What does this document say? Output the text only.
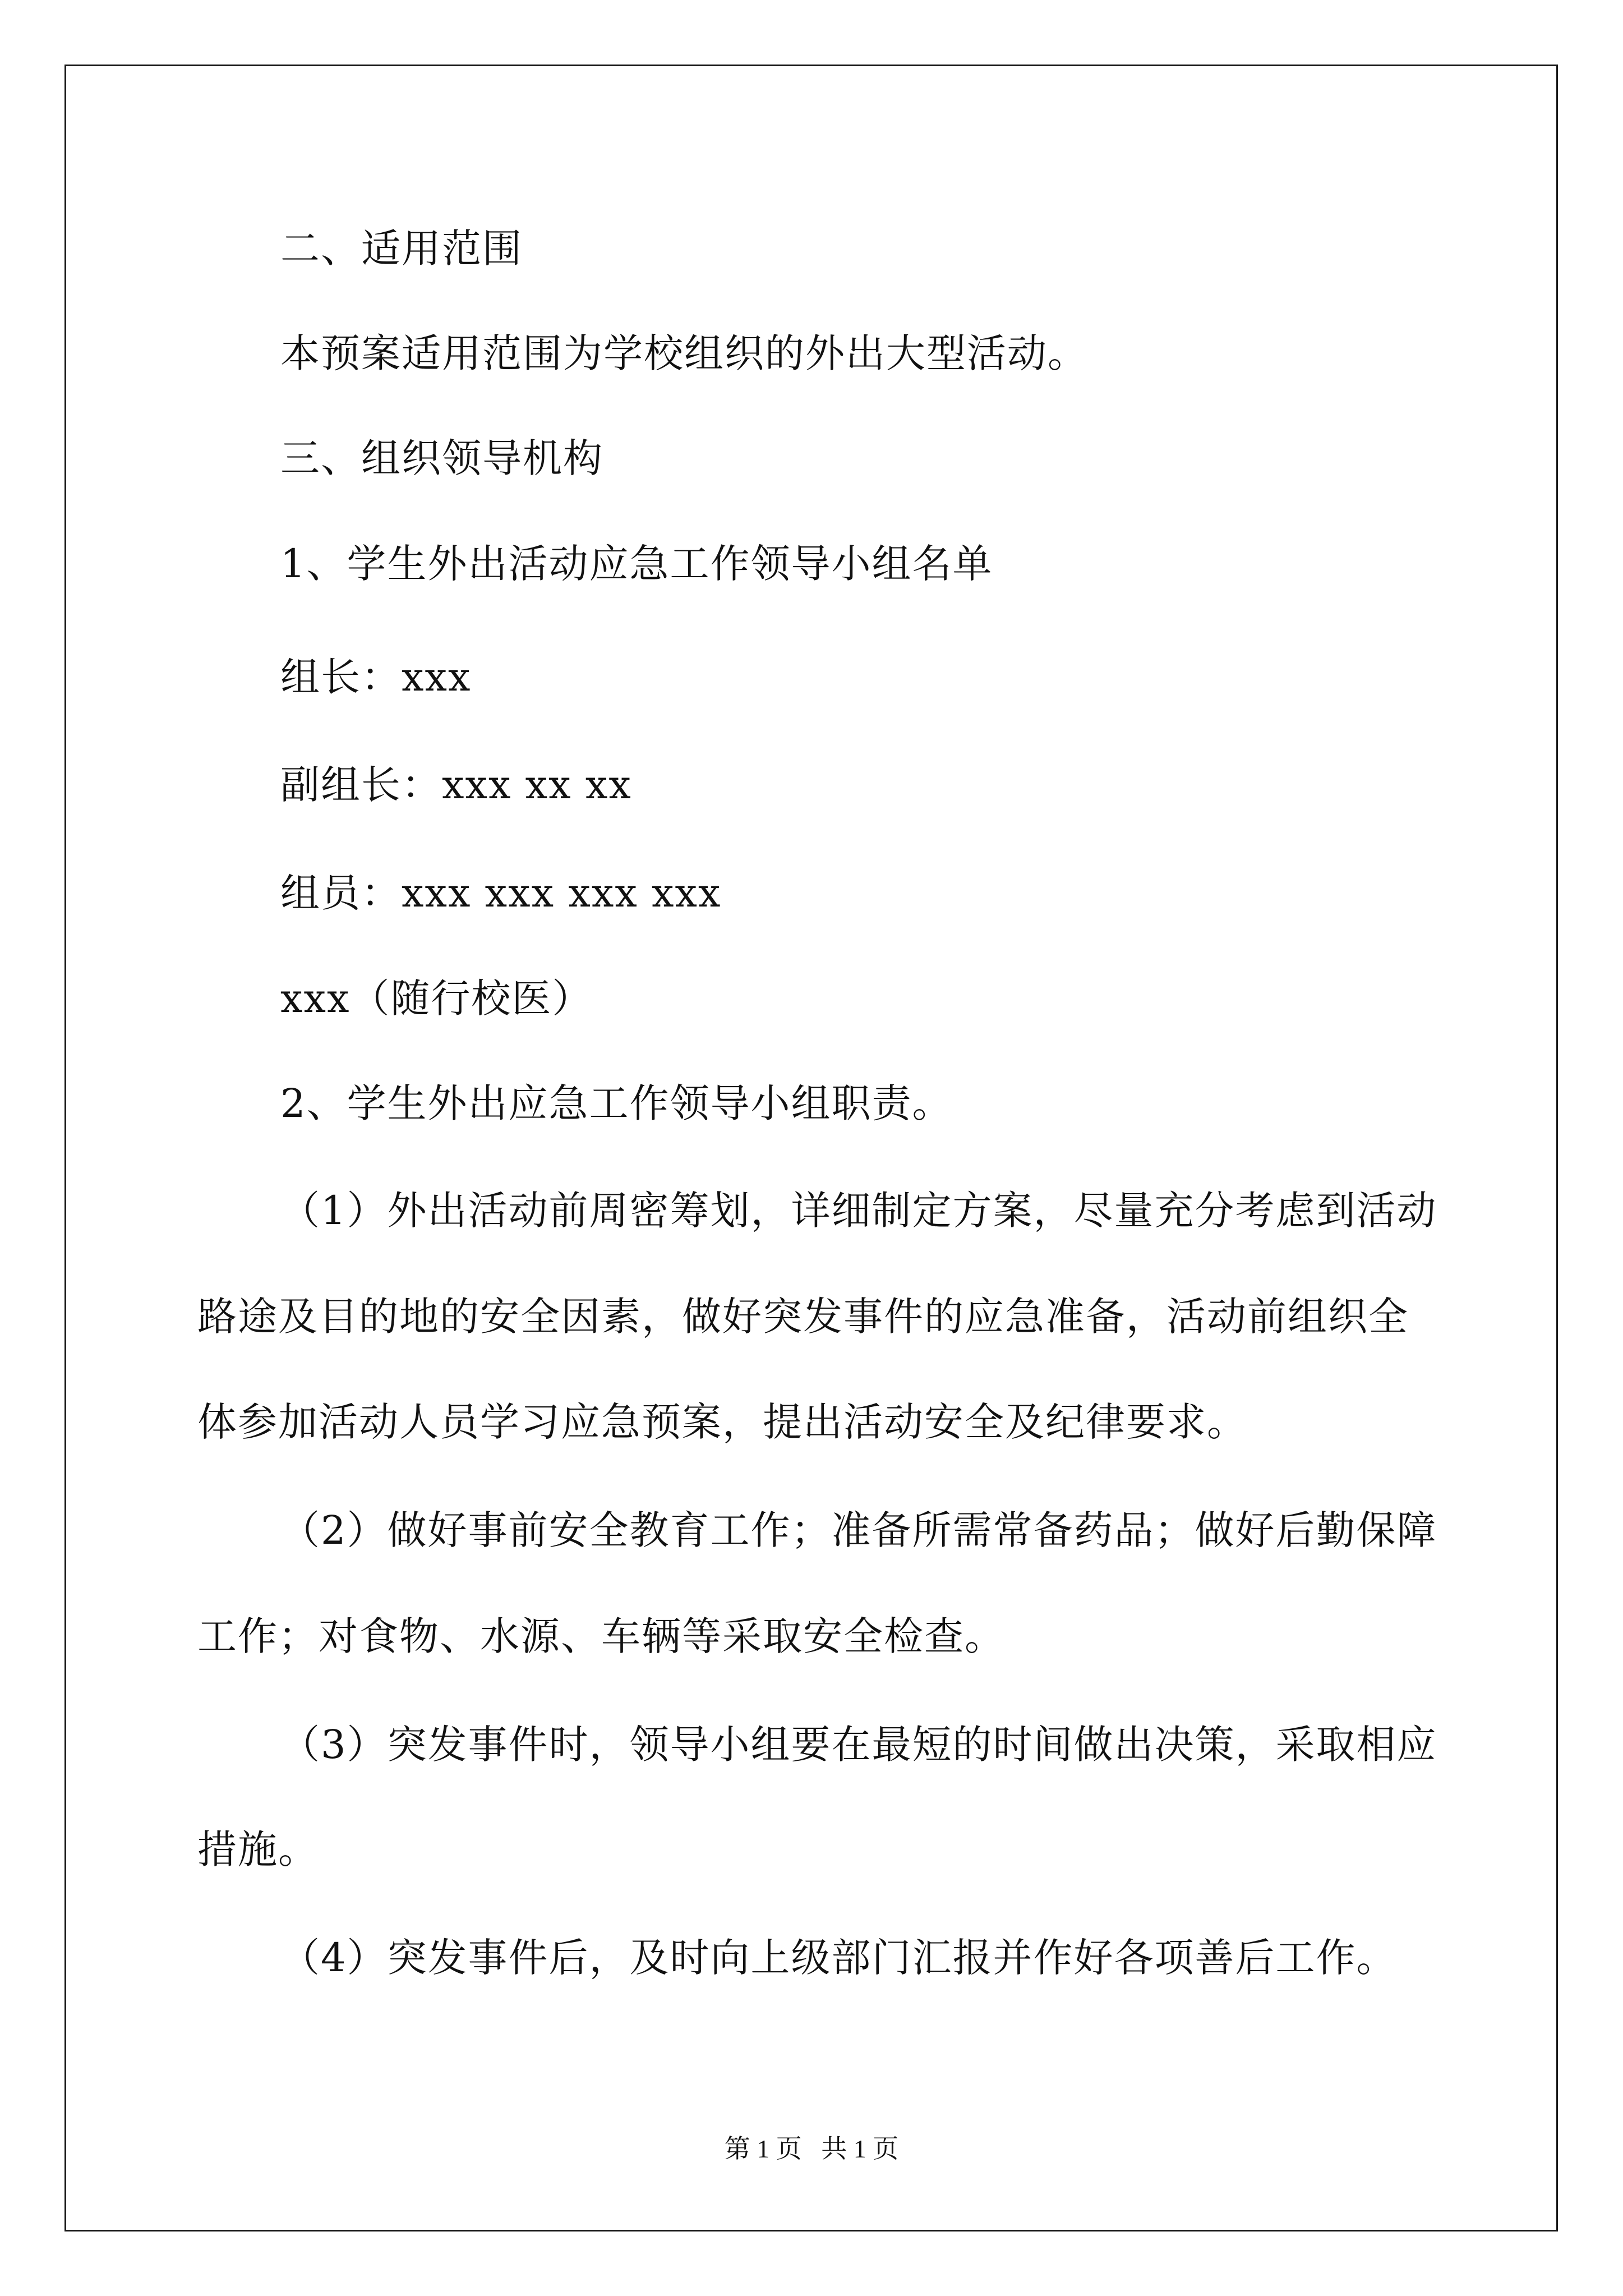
二、适用范围
本预案适用范围为学校组织的外出大型活动。
三、组织领导机构
1、学生外出活动应急工作领导小组名单
组长：xxx
副组长：xxx xx xx
组员：xxx xxx xxx xxx
xxx（随行校医）
2、学生外出应急工作领导小组职责。
（1）外出活动前周密筹划，详细制定方案，尽量充分考虑到活动
路途及目的地的安全因素，做好突发事件的应急准备，活动前组织全
体参加活动人员学习应急预案，提出活动安全及纪律要求。
（2）做好事前安全教育工作；准备所需常备药品；做好后勤保障
工作；对食物、水源、车辆等采取安全检查。
（3）突发事件时，领导小组要在最短的时间做出决策，采取相应
措施。
（4）突发事件后，及时向上级部门汇报并作好各项善后工作。
第 1 页   共 1 页
